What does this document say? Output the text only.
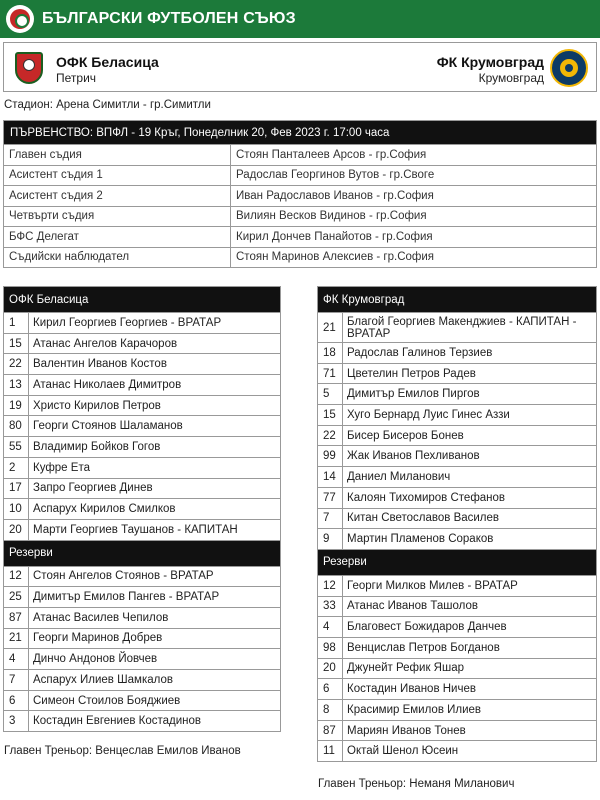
БЪЛГАРСКИ ФУТБОЛЕН СЪЮЗ
ОФК Беласица
Петрич
ФК Крумовград
Крумовград
Стадион: Арена Симитли - гр.Симитли
ПЪРВЕНСТВО: ВПФЛ - 19 Кръг, Понеделник 20, Фев 2023 г. 17:00 часа	
Главен съдия	Стоян Панталеев Арсов - гр.София
Асистент съдия 1	Радослав Георгинов Вутов - гр.Своге
Асистент съдия 2	Иван Радославов Иванов - гр.София
Четвърти съдия	Вилиян Весков Видинов - гр.София
БФС Делегат	Кирил Дончев Панайотов - гр.София
Съдийски наблюдател	Стоян Маринов Алексиев - гр.София
ОФК Беласица	
1	Кирил Георгиев Георгиев - ВРАТАР
15	Атанас Ангелов Карачоров
22	Валентин Иванов Костов
13	Атанас Николаев Димитров
19	Христо Кирилов Петров
80	Георги Стоянов Шаламанов
55	Владимир Бойков Гогов
2	Куфре Ета
17	Запро Георгиев Динев
10	Аспарух Кирилов Смилков
20	Марти Георгиев Таушанов - КАПИТАН
Резерви	
12	Стоян Ангелов Стоянов - ВРАТАР
25	Димитър Емилов Пангев - ВРАТАР
87	Атанас Василев Чепилов
21	Георги Маринов Добрев
4	Динчо Андонов Йовчев
7	Аспарух Илиев Шамкалов
6	Симеон Стоилов Бояджиев
3	Костадин Евгениев Костадинов
Главен Треньор: Венцеслав Емилов Иванов
ФК Крумовград	
21	Благой Георгиев Макенджиев - КАПИТАН - ВРАТАР
18	Радослав Галинов Терзиев
71	Цветелин Петров Радев
5	Димитър Емилов Пиргов
15	Хуго Бернард Луис Гинес Аззи
22	Бисер Бисеров Бонев
99	Жак Иванов Пехливанов
14	Даниел Миланович
77	Калоян Тихомиров Стефанов
7	Китан Светославов Василев
9	Мартин Пламенов Сораков
Резерви	
12	Георги Милков Милев - ВРАТАР
33	Атанас Иванов Ташолов
4	Благовест Божидаров Данчев
98	Венцислав Петров Богданов
20	Джунейт Рефик Яшар
6	Костадин Иванов Ничев
8	Красимир Емилов Илиев
87	Мариян Иванов Тонев
11	Октай Шенол Юсеин
Главен Треньор: Неманя Миланович
